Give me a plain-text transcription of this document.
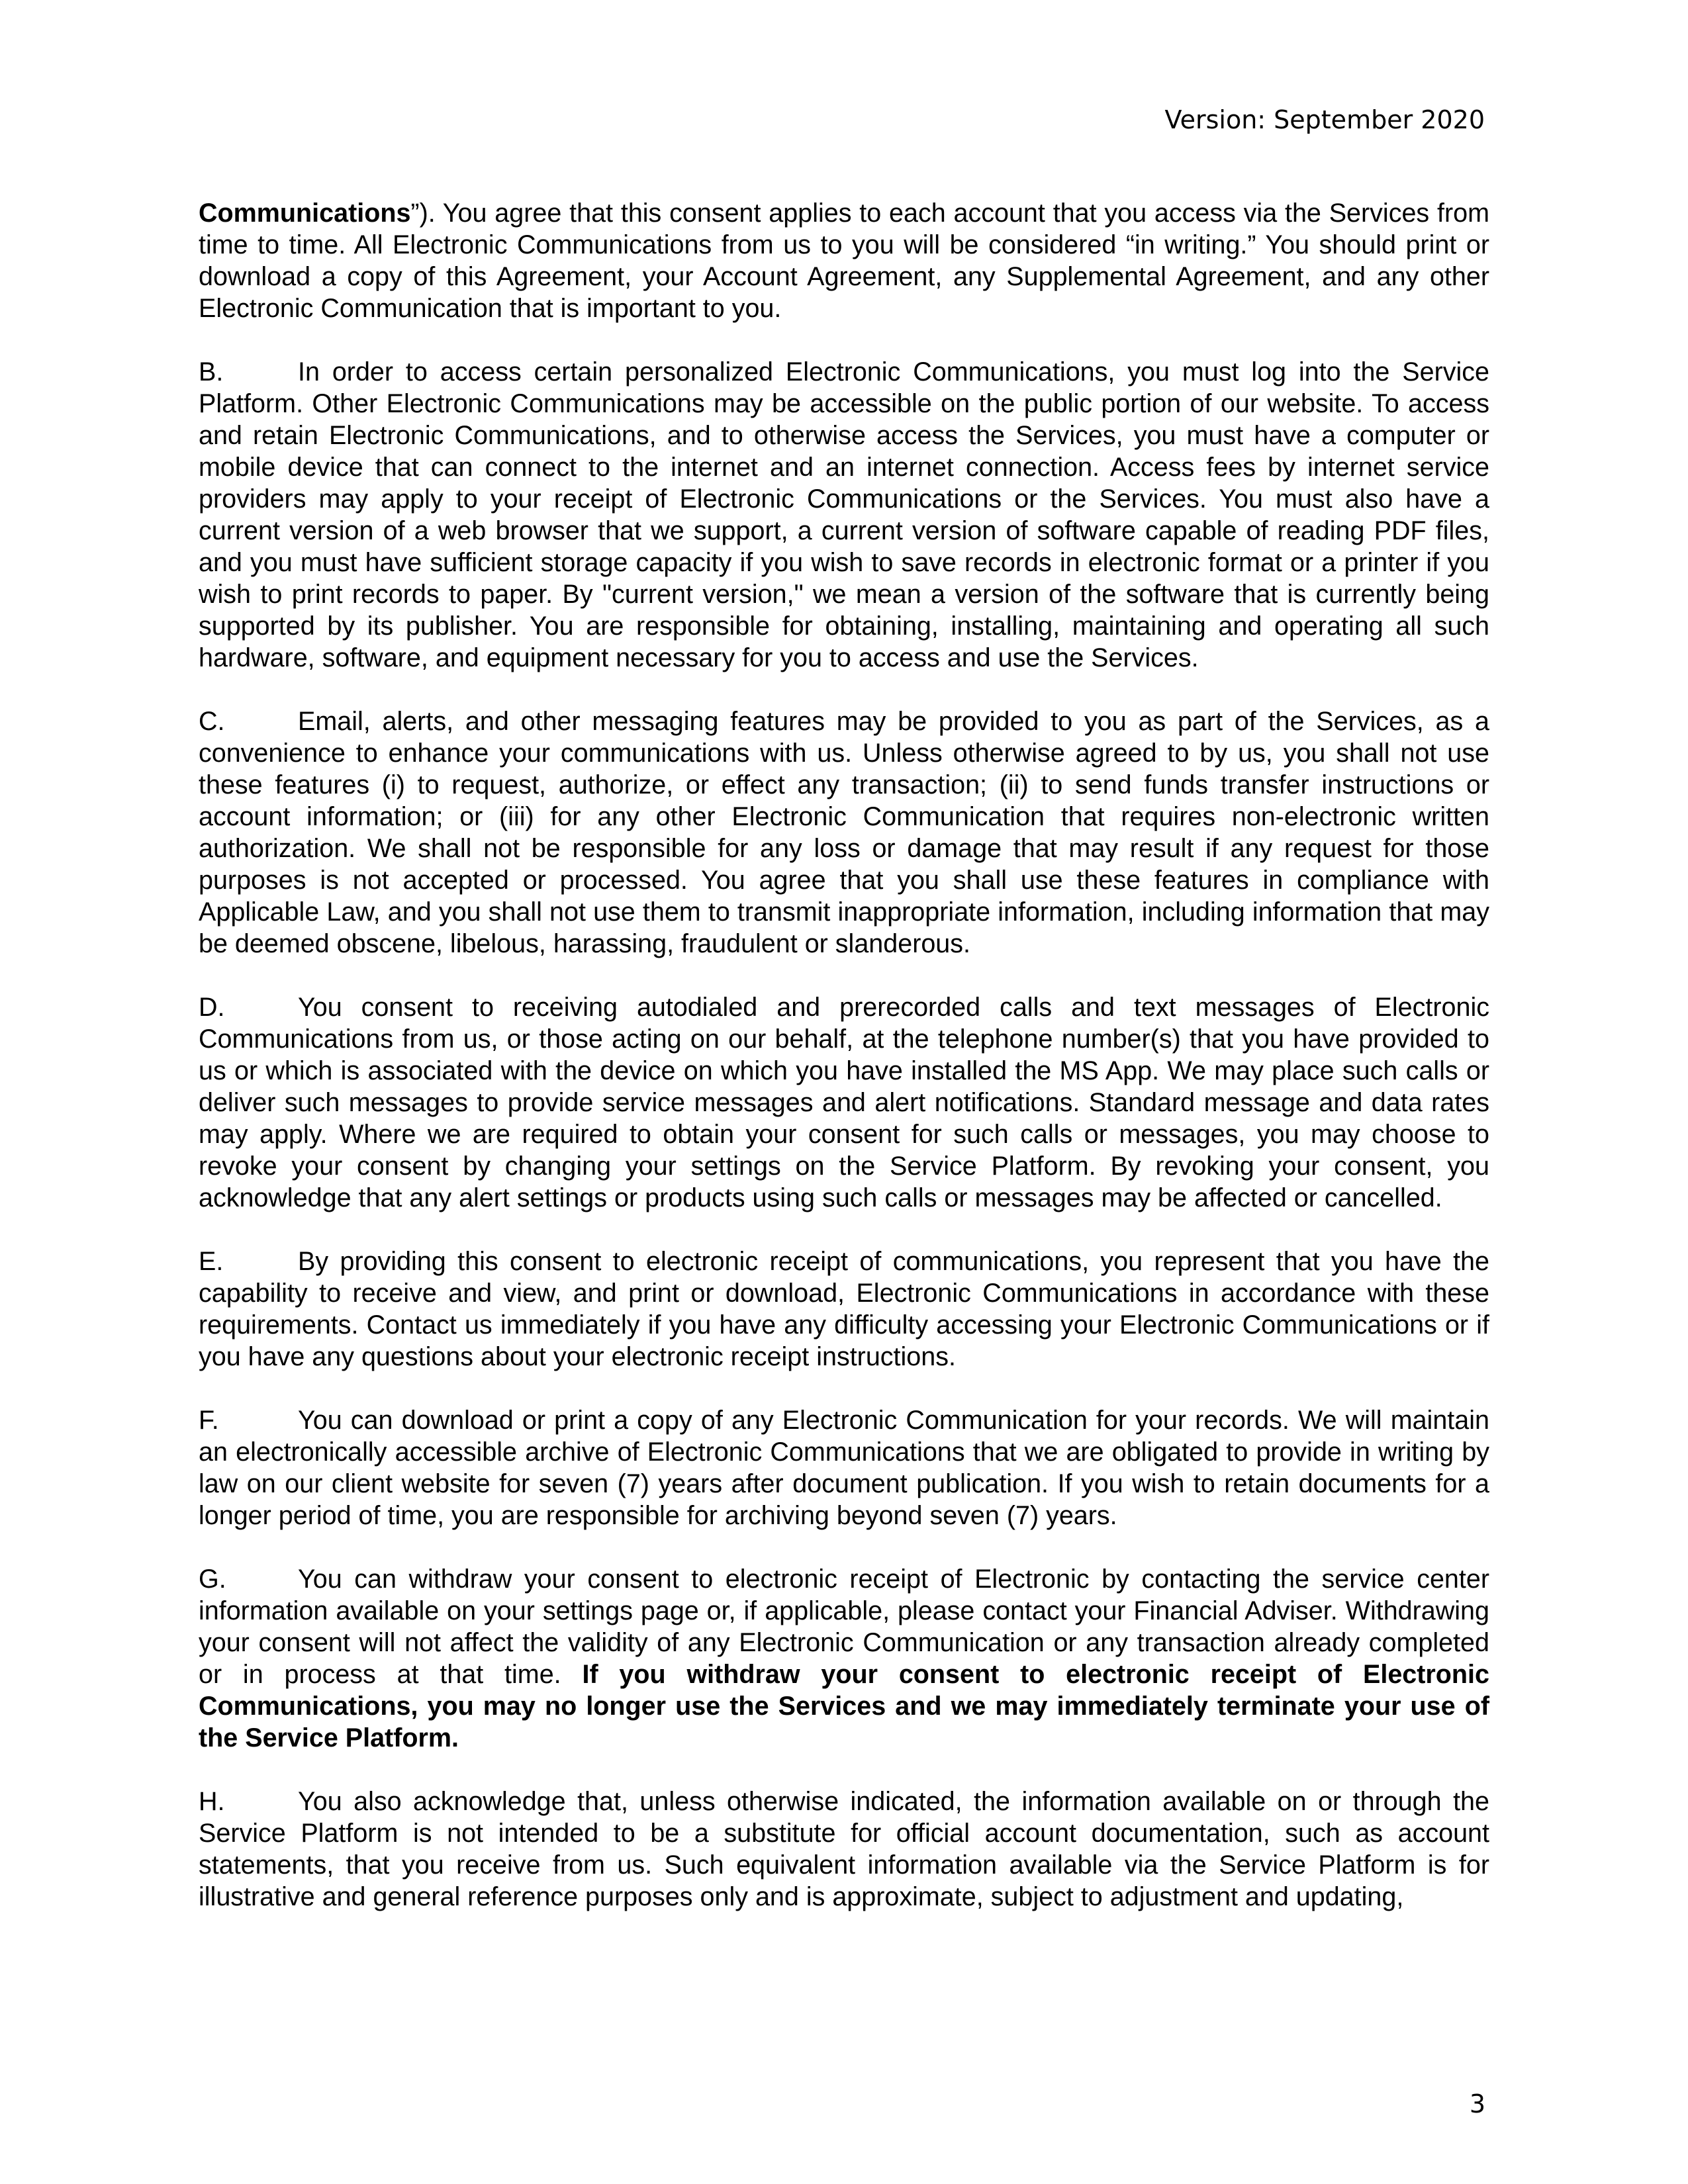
Version: September 2020

Communications”). You agree that this consent applies to each account that you access via the Services from time to time. All Electronic Communications from us to you will be considered “in writing.” You should print or download a copy of this Agreement, your Account Agreement, any Supplemental Agreement, and any other Electronic Communication that is important to you.

B.	In order to access certain personalized Electronic Communications, you must log into the Service Platform. Other Electronic Communications may be accessible on the public portion of our website. To access and retain Electronic Communications, and to otherwise access the Services, you must have a computer or mobile device that can connect to the internet and an internet connection. Access fees by internet service providers may apply to your receipt of Electronic Communications or the Services. You must also have a current version of a web browser that we support, a current version of software capable of reading PDF files, and you must have sufficient storage capacity if you wish to save records in electronic format or a printer if you wish to print records to paper. By "current version," we mean a version of the software that is currently being supported by its publisher. You are responsible for obtaining, installing, maintaining and operating all such hardware, software, and equipment necessary for you to access and use the Services.

C.	Email, alerts, and other messaging features may be provided to you as part of the Services, as a convenience to enhance your communications with us. Unless otherwise agreed to by us, you shall not use these features (i) to request, authorize, or effect any transaction; (ii) to send funds transfer instructions or account information; or (iii) for any other Electronic Communication that requires non-electronic written authorization. We shall not be responsible for any loss or damage that may result if any request for those purposes is not accepted or processed. You agree that you shall use these features in compliance with Applicable Law, and you shall not use them to transmit inappropriate information, including information that may be deemed obscene, libelous, harassing, fraudulent or slanderous.

D.	You consent to receiving autodialed and prerecorded calls and text messages of Electronic Communications from us, or those acting on our behalf, at the telephone number(s) that you have provided to us or which is associated with the device on which you have installed the MS App. We may place such calls or deliver such messages to provide service messages and alert notifications. Standard message and data rates may apply. Where we are required to obtain your consent for such calls or messages, you may choose to revoke your consent by changing your settings on the Service Platform. By revoking your consent, you acknowledge that any alert settings or products using such calls or messages may be affected or cancelled.

E.	By providing this consent to electronic receipt of communications, you represent that you have the capability to receive and view, and print or download, Electronic Communications in accordance with these requirements. Contact us immediately if you have any difficulty accessing your Electronic Communications or if you have any questions about your electronic receipt instructions.

F.	You can download or print a copy of any Electronic Communication for your records. We will maintain an electronically accessible archive of Electronic Communications that we are obligated to provide in writing by law on our client website for seven (7) years after document publication. If you wish to retain documents for a longer period of time, you are responsible for archiving beyond seven (7) years.

G.	You can withdraw your consent to electronic receipt of Electronic by contacting the service center information available on your settings page or, if applicable, please contact your Financial Adviser. Withdrawing your consent will not affect the validity of any Electronic Communication or any transaction already completed or in process at that time. If you withdraw your consent to electronic receipt of Electronic Communications, you may no longer use the Services and we may immediately terminate your use of the Service Platform.

H.	You also acknowledge that, unless otherwise indicated, the information available on or through the Service Platform is not intended to be a substitute for official account documentation, such as account statements, that you receive from us. Such equivalent information available via the Service Platform is for illustrative and general reference purposes only and is approximate, subject to adjustment and updating,

3
